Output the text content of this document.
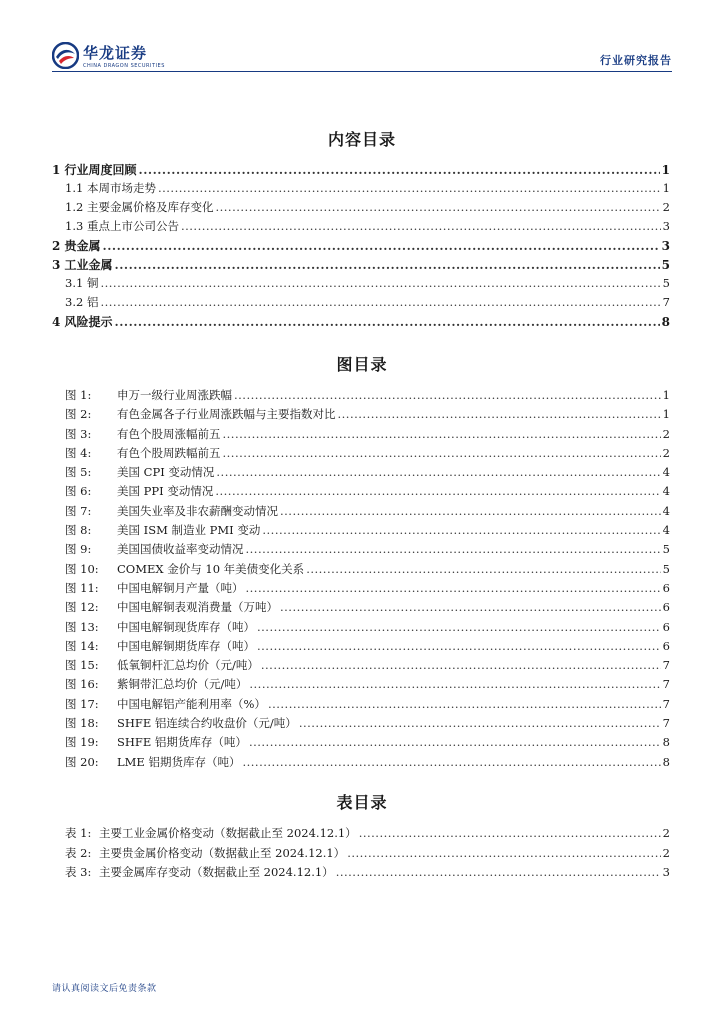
华龙证券
CHINA DRAGON SECURITIES	行业研究报告
内容目录
1 行业周度回顾 .....	1
1.1 本周市场走势 .....	1
1.2 主要金属价格及库存变化 .....	2
1.3 重点上市公司公告 .....	3
2 贵金属 .....	3
3 工业金属 .....	5
3.1 铜 .....	5
3.2 铝 .....	7
4 风险提示 .....	8
图目录
图 1: 申万一级行业周涨跌幅 .....	1
图 2: 有色金属各子行业周涨跌幅与主要指数对比 .....	1
图 3: 有色个股周涨幅前五 .....	2
图 4: 有色个股周跌幅前五 .....	2
图 5: 美国 CPI 变动情况 .....	4
图 6: 美国 PPI 变动情况 .....	4
图 7: 美国失业率及非农薪酬变动情况 .....	4
图 8: 美国 ISM 制造业 PMI 变动 .....	4
图 9: 美国国债收益率变动情况 .....	5
图 10: COMEX 金价与 10 年美债变化关系 .....	5
图 11: 中国电解铜月产量（吨） .....	6
图 12: 中国电解铜表观消费量（万吨） .....	6
图 13: 中国电解铜现货库存（吨） .....	6
图 14: 中国电解铜期货库存（吨） .....	6
图 15: 低氧铜杆汇总均价（元/吨） .....	7
图 16: 紫铜带汇总均价（元/吨） .....	7
图 17: 中国电解铝产能利用率（%） .....	7
图 18: SHFE 铝连续合约收盘价（元/吨） .....	7
图 19: SHFE 铝期货库存（吨） .....	8
图 20: LME 铝期货库存（吨） .....	8
表目录
表 1: 主要工业金属价格变动（数据截止至 2024.12.1） .....	2
表 2: 主要贵金属价格变动（数据截止至 2024.12.1） .....	2
表 3: 主要金属库存变动（数据截止至 2024.12.1） .....	3
请认真阅读文后免责条款
